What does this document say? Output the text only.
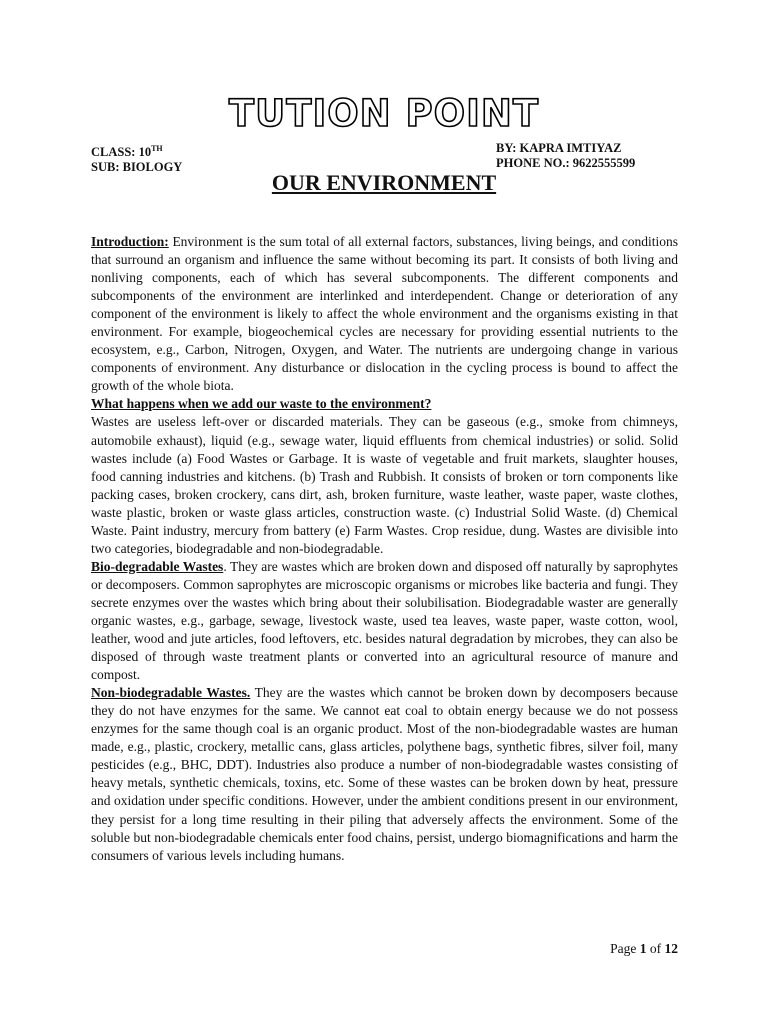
TUTION POINT
CLASS: 10TH
SUB: BIOLOGY
BY: KAPRA IMTIYAZ
PHONE NO.: 9622555599
OUR ENVIRONMENT

Introduction: Environment is the sum total of all external factors, substances, living beings, and conditions that surround an organism and influence the same without becoming its part. It consists of both living and nonliving components, each of which has several subcomponents. The different components and subcomponents of the environment are interlinked and interdependent. Change or deterioration of any component of the environment is likely to affect the whole environment and the organisms existing in that environment. For example, biogeochemical cycles are necessary for providing essential nutrients to the ecosystem, e.g., Carbon, Nitrogen, Oxygen, and Water. The nutrients are undergoing change in various components of environment. Any disturbance or dislocation in the cycling process is bound to affect the growth of the whole biota.

What happens when we add our waste to the environment?

Wastes are useless left-over or discarded materials. They can be gaseous (e.g., smoke from chimneys, automobile exhaust), liquid (e.g., sewage water, liquid effluents from chemical industries) or solid. Solid wastes include (a) Food Wastes or Garbage. It is waste of vegetable and fruit markets, slaughter houses, food canning industries and kitchens. (b) Trash and Rubbish. It consists of broken or torn components like packing cases, broken crockery, cans dirt, ash, broken furniture, waste leather, waste paper, waste clothes, waste plastic, broken or waste glass articles, construction waste. (c) Industrial Solid Waste. (d) Chemical Waste. Paint industry, mercury from battery (e) Farm Wastes. Crop residue, dung. Wastes are divisible into two categories, biodegradable and non-biodegradable.

Bio-degradable Wastes. They are wastes which are broken down and disposed off naturally by saprophytes or decomposers. Common saprophytes are microscopic organisms or microbes like bacteria and fungi. They secrete enzymes over the wastes which bring about their solubilisation. Biodegradable waster are generally organic wastes, e.g., garbage, sewage, livestock waste, used tea leaves, waste paper, waste cotton, wool, leather, wood and jute articles, food leftovers, etc. besides natural degradation by microbes, they can also be disposed of through waste treatment plants or converted into an agricultural resource of manure and compost.

Non-biodegradable Wastes. They are the wastes which cannot be broken down by decomposers because they do not have enzymes for the same. We cannot eat coal to obtain energy because we do not possess enzymes for the same though coal is an organic product. Most of the non-biodegradable wastes are human made, e.g., plastic, crockery, metallic cans, glass articles, polythene bags, synthetic fibres, silver foil, many pesticides (e.g., BHC, DDT). Industries also produce a number of non-biodegradable wastes consisting of heavy metals, synthetic chemicals, toxins, etc. Some of these wastes can be broken down by heat, pressure and oxidation under specific conditions. However, under the ambient conditions present in our environment, they persist for a long time resulting in their piling that adversely affects the environment. Some of the soluble but non-biodegradable chemicals enter food chains, persist, undergo biomagnifications and harm the consumers of various levels including humans.

Page 1 of 12
